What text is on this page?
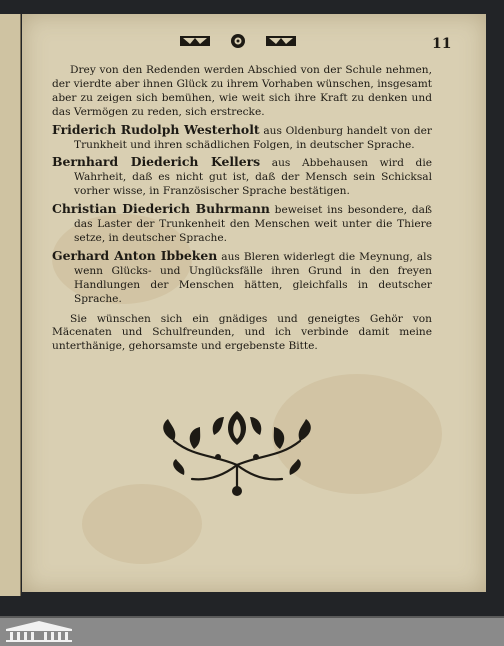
11

Drey von den Redenden werden Abschied von der Schule nehmen, der vierdte aber ihnen Glück zu ihrem Vorhaben wünschen, insgesamt aber zu zeigen sich bemühen, wie weit sich ihre Kraft zu denken und das Vermögen zu reden, sich erstrecke.

Friderich Rudolph Westerholt aus Oldenburg handelt von der Trunkheit und ihren schädlichen Folgen, in deutscher Sprache.

Bernhard Diederich Kellers aus Abbehausen wird die Wahrheit, daß es nicht gut ist, daß der Mensch sein Schicksal vorher wisse, in Französischer Sprache bestätigen.

Christian Diederich Buhrmann beweiset ins besondere, daß das Laster der Trunkenheit den Menschen weit unter die Thiere setze, in deutscher Sprache.

Gerhard Anton Ibbeken aus Bleren widerlegt die Meynung, als wenn Glücks- und Unglücksfälle ihren Grund in den freyen Handlungen der Menschen hätten, gleichfalls in deutscher Sprache.

Sie wünschen sich ein gnädiges und geneigtes Gehör von Mäcenaten und Schulfreunden, und ich verbinde damit meine unterthänige, gehorsamste und ergebenste Bitte.
